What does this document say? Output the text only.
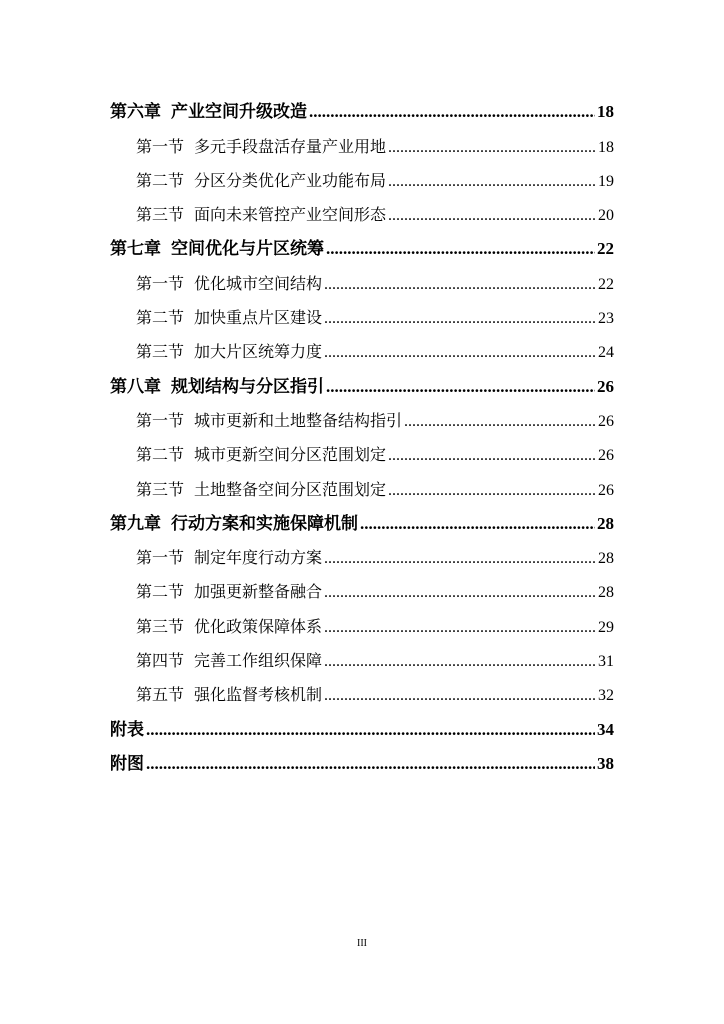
第六章 产业空间升级改造 .....	18
第一节 多元手段盘活存量产业用地 .....	18
第二节 分区分类优化产业功能布局 .....	19
第三节 面向未来管控产业空间形态 .....	20
第七章 空间优化与片区统筹 .....	22
第一节 优化城市空间结构 .....	22
第二节 加快重点片区建设 .....	23
第三节 加大片区统筹力度 .....	24
第八章 规划结构与分区指引 .....	26
第一节 城市更新和土地整备结构指引 .....	26
第二节 城市更新空间分区范围划定 .....	26
第三节 土地整备空间分区范围划定 .....	26
第九章 行动方案和实施保障机制 .....	28
第一节 制定年度行动方案 .....	28
第二节 加强更新整备融合 .....	28
第三节 优化政策保障体系 .....	29
第四节 完善工作组织保障 .....	31
第五节 强化监督考核机制 .....	32
附表 .....	34
附图 .....	38
III
